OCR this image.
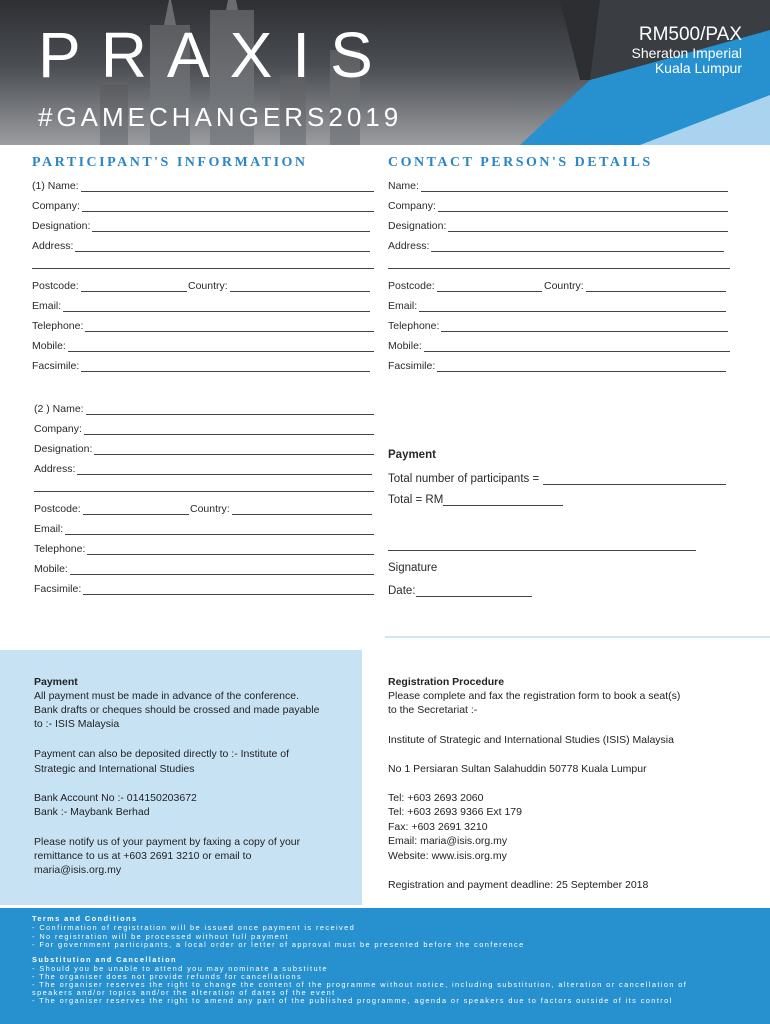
PRAXIS
#GAMECHANGERS2019
RM500/PAX
Sheraton Imperial
Kuala Lumpur
PARTICIPANT'S INFORMATION	CONTACT PERSON'S DETAILS
(1) Name:
Company:
Designation:
Address:
Postcode:	Country:
Email:
Telephone:
Mobile:
Facsimile:
Name:
Company:
Designation:
Address:
Postcode:	Country:
Email:
Telephone:
Mobile:
Facsimile:
(2 ) Name:
Company:
Designation:
Address:
Postcode:	Country:
Email:
Telephone:
Mobile:
Facsimile:
Payment
Total number of participants =
Total = RM
Signature
Date:
Payment
All payment must be made in advance of the conference.
Bank drafts or cheques should be crossed and made payable
to :- ISIS Malaysia
Payment can also be deposited directly to :- Institute of
Strategic and International Studies
Bank Account No :- 014150203672
Bank :- Maybank Berhad
Please notify us of your payment by faxing a copy of your
remittance to us at +603 2691 3210 or email to
maria@isis.org.my
Registration Procedure
Please complete and fax the registration form to book a seat(s)
to the Secretariat :-
Institute of Strategic and International Studies (ISIS) Malaysia
No 1 Persiaran Sultan Salahuddin 50778 Kuala Lumpur
Tel: +603 2693 2060
Tel: +603 2693 9366 Ext 179
Fax: +603 2691 3210
Email: maria@isis.org.my
Website: www.isis.org.my
Registration and payment deadline: 25 September 2018
Terms and Conditions
- Confirmation of registration will be issued once payment is received
- No registration will be processed without full payment
- For government participants, a local order or letter of approval must be presented before the conference
Substitution and Cancellation
- Should you be unable to attend you may nominate a substitute
- The organiser does not provide refunds for cancellations
- The organiser reserves the right to change the content of the programme without notice, including substitution, alteration or cancellation of
speakers and/or topics and/or the alteration of dates of the event
- The organiser reserves the right to amend any part of the published programme, agenda or speakers due to factors outside of its control
